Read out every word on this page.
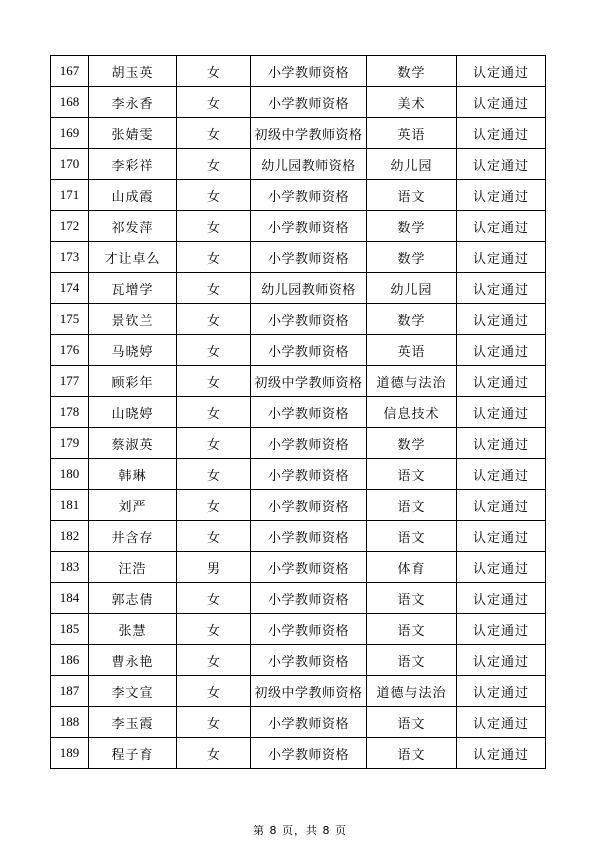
167	胡玉英	女	小学教师资格	数学	认定通过
168	李永香	女	小学教师资格	美术	认定通过
169	张婧雯	女	初级中学教师资格	英语	认定通过
170	李彩祥	女	幼儿园教师资格	幼儿园	认定通过
171	山成霞	女	小学教师资格	语文	认定通过
172	祁发萍	女	小学教师资格	数学	认定通过
173	才让卓么	女	小学教师资格	数学	认定通过
174	瓦增学	女	幼儿园教师资格	幼儿园	认定通过
175	景钦兰	女	小学教师资格	数学	认定通过
176	马晓婷	女	小学教师资格	英语	认定通过
177	顾彩年	女	初级中学教师资格	道德与法治	认定通过
178	山晓婷	女	小学教师资格	信息技术	认定通过
179	蔡淑英	女	小学教师资格	数学	认定通过
180	韩琳	女	小学教师资格	语文	认定通过
181	刘严	女	小学教师资格	语文	认定通过
182	井含存	女	小学教师资格	语文	认定通过
183	汪浩	男	小学教师资格	体育	认定通过
184	郭志倩	女	小学教师资格	语文	认定通过
185	张慧	女	小学教师资格	语文	认定通过
186	曹永艳	女	小学教师资格	语文	认定通过
187	李文宣	女	初级中学教师资格	道德与法治	认定通过
188	李玉霞	女	小学教师资格	语文	认定通过
189	程子育	女	小学教师资格	语文	认定通过
第 8 页，共 8 页
